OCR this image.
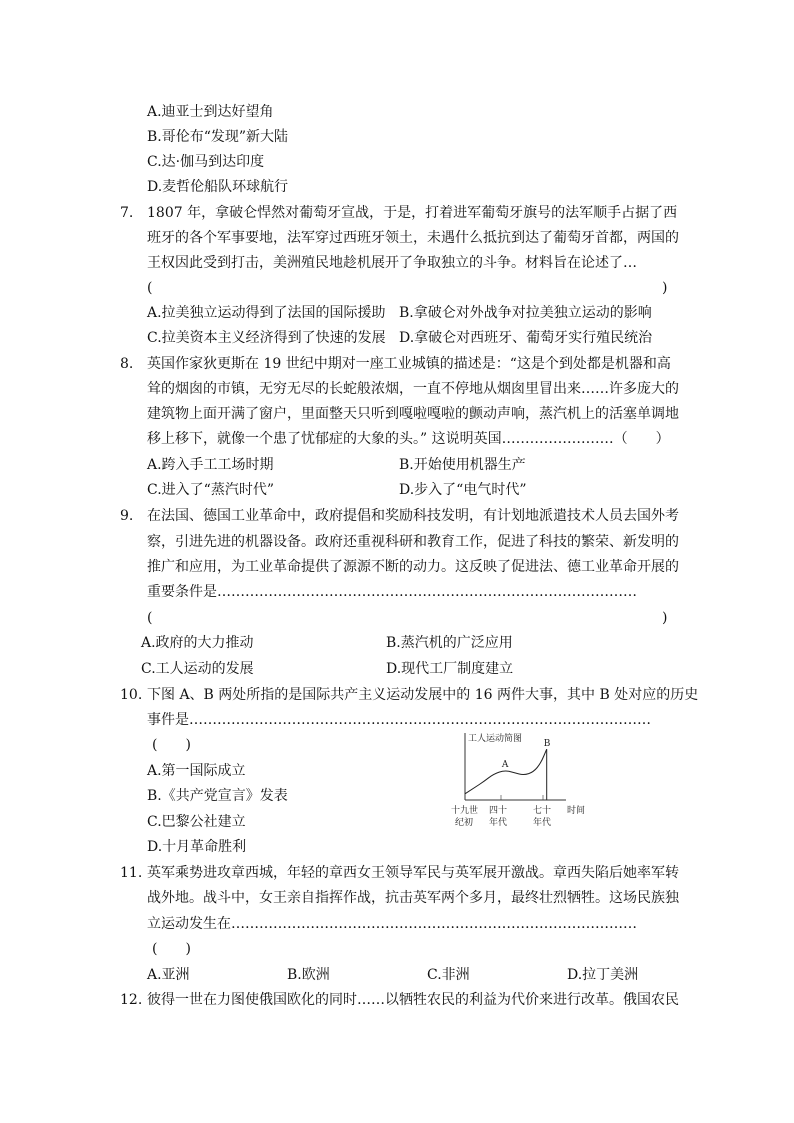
A.迪亚士到达好望角
B.哥伦布“发现”新大陆
C.达·伽马到达印度
D.麦哲伦船队环球航行
7. 1807 年，拿破仑悍然对葡萄牙宣战，于是，打着进军葡萄牙旗号的法军顺手占据了西
班牙的各个军事要地，法军穿过西班牙领土，未遇什么抵抗到达了葡萄牙首都，两国的
王权因此受到打击，美洲殖民地趁机展开了争取独立的斗争。材料旨在论述了…
(	)
A.拉美独立运动得到了法国的国际援助 B.拿破仑对外战争对拉美独立运动的影响
C.拉美资本主义经济得到了快速的发展 D.拿破仑对西班牙、葡萄牙实行殖民统治
8. 英国作家狄更斯在 19 世纪中期对一座工业城镇的描述是：“这是个到处都是机器和高
耸的烟囱的市镇，无穷无尽的长蛇般浓烟，一直不停地从烟囱里冒出来……许多庞大的
建筑物上面开满了窗户，里面整天只听到嘎啦嘎啦的颤动声响，蒸汽机上的活塞单调地
移上移下，就像一个患了忧郁症的大象的头。” 这说明英国……………………（　　）
A.跨入手工工场时期	B.开始使用机器生产
C.进入了“蒸汽时代”	D.步入了“电气时代”
9. 在法国、德国工业革命中，政府提倡和奖励科技发明，有计划地派遣技术人员去国外考
察，引进先进的机器设备。政府还重视科研和教育工作，促进了科技的繁荣、新发明的
推广和应用，为工业革命提供了源源不断的动力。这反映了促进法、德工业革命开展的
重要条件是………………………………………………………………………………
(	)
A.政府的大力推动	B.蒸汽机的广泛应用
C.工人运动的发展	D.现代工厂制度建立
10. 下图 A、B 两处所指的是国际共产主义运动发展中的 16 两件大事，其中 B 处对应的历史
事件是………………………………………………………………………………………
(　　)
A.第一国际成立
B.《共产党宣言》发表
C.巴黎公社建立
D.十月革命胜利
工人运动简图
A
B
时间
十九世
纪初
四十
年代
七十
年代
11. 英军乘势进攻章西城，年轻的章西女王领导军民与英军展开激战。章西失陷后她率军转
战外地。战斗中，女王亲自指挥作战，抗击英军两个多月，最终壮烈牺牲。这场民族独
立运动发生在……………………………………………………………………………
(　　)
A.亚洲	B.欧洲	C.非洲	D.拉丁美洲
12. 彼得一世在力图使俄国欧化的同时……以牺牲农民的利益为代价来进行改革。俄国农民
